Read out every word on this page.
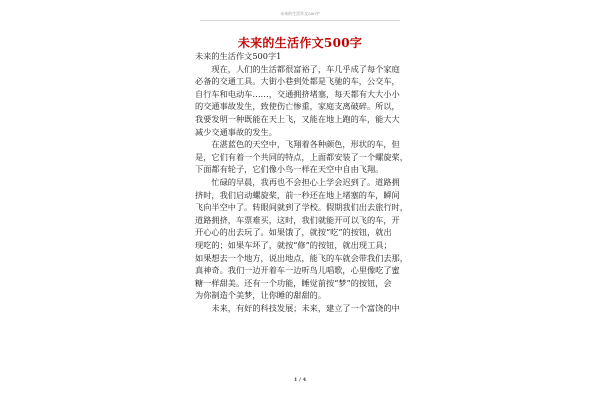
未来的生活作文500字
未来的生活作文500字
未来的生活作文500字1
　　现在，人们的生活都很富裕了，车几乎成了每个家庭
必备的交通工具。大街小巷到处都是飞驰的车，公交车，
自行车和电动车……，交通拥挤堵塞，每天都有大大小小
的交通事故发生，致使伤亡惨重，家庭支离破碎。所以，
我要发明一种既能在天上飞，又能在地上跑的车，能大大
减少交通事故的发生。
　　在湛蓝色的天空中，飞翔着各种颜色，形状的车，但
是，它们有着一个共同的特点，上面都安装了一个螺旋桨，
下面都有轮子，它们像小鸟一样在天空中自由飞翔。
　　忙碌的早晨，我再也不会担心上学会迟到了。道路拥
挤时，我们启动螺旋桨，前一秒还在地上堵塞的车，瞬间
飞向半空中了。转眼间就到了学校。假期我们出去旅行时，
道路拥挤，车票难买，这时，我们就能开可以飞的车，开
开心心的出去玩了。如果饿了，就按“吃”的按钮，就出
现吃的；如果车坏了，就按“修”的按钮，就出现工具；
如果想去一个地方，说出地点，能飞的车就会带我们去那，
真神奇。我们一边开着车一边听鸟儿唱歌，心里像吃了蜜
糖一样甜美。还有一个功能，睡觉前按“梦”的按钮，会
为你制造个美梦，让你睡的甜甜的。
　　未来，有好的科技发展；未来，建立了一个富饶的中
1 / 4
